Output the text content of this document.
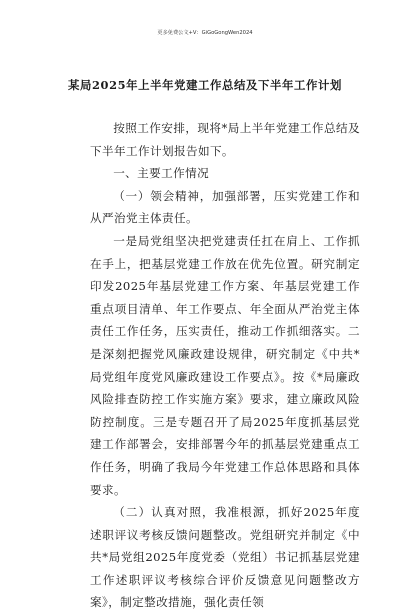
更多免费公文+V：GiGoGongWen2024
某局2025年上半年党建工作总结及下半年工作计划

按照工作安排，现将*局上半年党建工作总结及下半年工作计划报告如下。

一、主要工作情况

（一）领会精神，加强部署，压实党建工作和从严治党主体责任。

一是局党组坚决把党建责任扛在肩上、工作抓在手上，把基层党建工作放在优先位置。研究制定印发2025年基层党建工作方案、年基层党建工作重点项目清单、年工作要点、年全面从严治党主体责任工作任务，压实责任，推动工作抓细落实。二是深刻把握党风廉政建设规律，研究制定《中共*局党组年度党风廉政建设工作要点》。按《*局廉政风险排查防控工作实施方案》要求，建立廉政风险防控制度。三是专题召开了局2025年度抓基层党建工作部署会，安排部署今年的抓基层党建重点工作任务，明确了我局今年党建工作总体思路和具体要求。

（二）认真对照，我准根源，抓好2025年度述职评议考核反馈问题整改。党组研究并制定《中共*局党组2025年度党委（党组）书记抓基层党建工作述职评议考核综合评价反馈意见问题整改方案》，制定整改措施，强化责任领
